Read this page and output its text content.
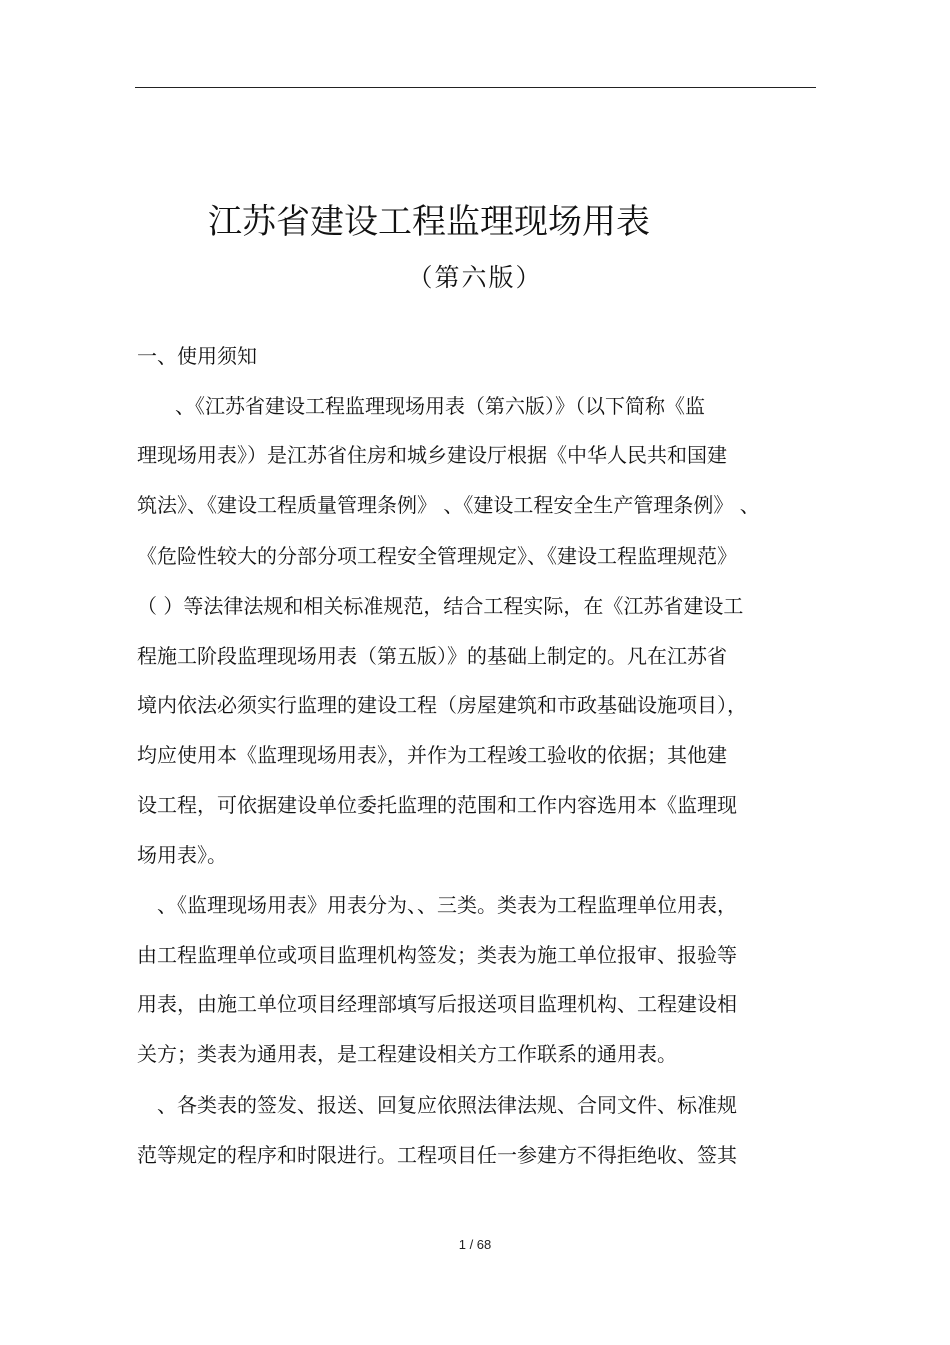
江苏省建设工程监理现场用表
（第六版）
一、使用须知
、《江苏省建设工程监理现场用表（第六版）》（以下简称《监
理现场用表》）是江苏省住房和城乡建设厅根据《中华人民共和国建
筑法》、《建设工程质量管理条例》 、《建设工程安全生产管理条例》 、
《危险性较大的分部分项工程安全管理规定》、《建设工程监理规范》
（ ）等法律法规和相关标准规范，结合工程实际，在《江苏省建设工
程施工阶段监理现场用表（第五版）》的基础上制定的。凡在江苏省
境内依法必须实行监理的建设工程（房屋建筑和市政基础设施项目），
均应使用本《监理现场用表》，并作为工程竣工验收的依据；其他建
设工程，可依据建设单位委托监理的范围和工作内容选用本《监理现
场用表》。
、《监理现场用表》用表分为、、三类。类表为工程监理单位用表，
由工程监理单位或项目监理机构签发；类表为施工单位报审、报验等
用表，由施工单位项目经理部填写后报送项目监理机构、工程建设相
关方；类表为通用表，是工程建设相关方工作联系的通用表。
、各类表的签发、报送、回复应依照法律法规、合同文件、标准规
范等规定的程序和时限进行。工程项目任一参建方不得拒绝收、签其
1 / 68
